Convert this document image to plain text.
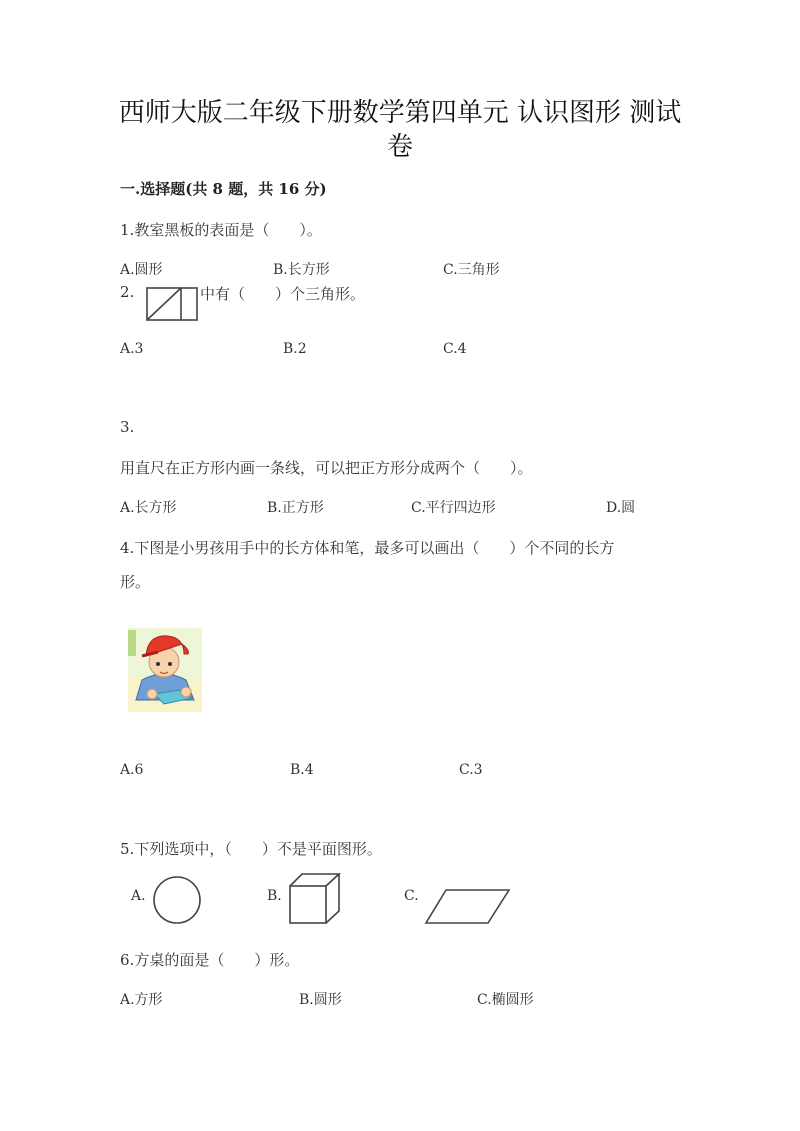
西师大版二年级下册数学第四单元 认识图形 测试
卷
一.选择题(共 8 题，共 16 分)
1.教室黑板的表面是（　　）。
A.圆形	B.长方形	C.三角形
2.	中有（　　）个三角形。
A.3	B.2	C.4
3.
用直尺在正方形内画一条线，可以把正方形分成两个（　　）。
A.长方形	B.正方形	C.平行四边形	D.圆
4.下图是小男孩用手中的长方体和笔，最多可以画出（　　）个不同的长方
形。
A.6	B.4	C.3
5.下列选项中，（　　）不是平面图形。
A.	B.	C.
6.方桌的面是（　　）形。
A.方形	B.圆形	C.椭圆形
